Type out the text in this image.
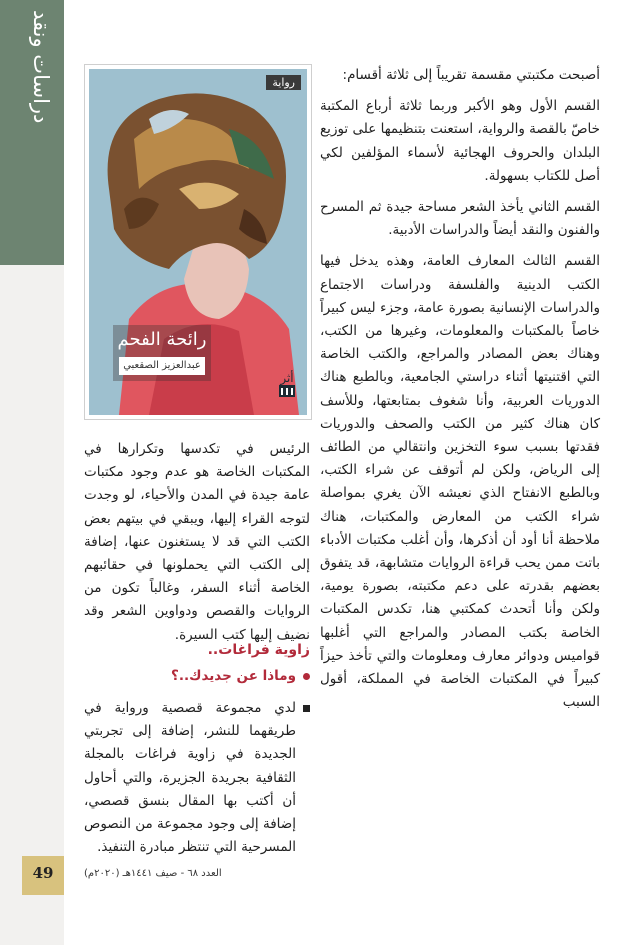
دراسات ونقد
49
رواية
رائحة الفحم
عبدالعزيز الصقعبي
أثر

أصبحت مكتبتي مقسمة تقريباً إلى ثلاثة أقسام:

القسم الأول وهو الأكبر وربما ثلاثة أرباع المكتبة خاصّ بالقصة والرواية، استعنت بتنظيمها على توزيع البلدان والحروف الهجائية لأسماء المؤلفين لكي أصل للكتاب بسهولة.

القسم الثاني يأخذ الشعر مساحة جيدة ثم المسرح والفنون والنقد أيضاً والدراسات الأدبية.

القسم الثالث المعارف العامة، وهذه يدخل فيها الكتب الدينية والفلسفة ودراسات الاجتماع والدراسات الإنسانية بصورة عامة، وجزء ليس كبيراً خاصاً بالمكتبات والمعلومات، وغيرها من الكتب، وهناك بعض المصادر والمراجع، والكتب الخاصة التي اقتنيتها أثناء دراستي الجامعية، وبالطبع هناك الدوريات العربية، وأنا شغوف بمتابعتها، وللأسف كان هناك كثير من الكتب والصحف والدوريات فقدتها بسبب سوء التخزين وانتقالي من الطائف إلى الرياض، ولكن لم أتوقف عن شراء الكتب، وبالطبع الانفتاح الذي نعيشه الآن يغري بمواصلة شراء الكتب من المعارض والمكتبات، هناك ملاحظة أنا أود أن أذكرها، وأن أغلب مكتبات الأدباء باتت ممن يحب قراءة الروايات متشابهة، قد يتفوق بعضهم بقدرته على دعم مكتبته، بصورة يومية، ولكن وأنا أتحدث كمكتبي هنا، تكدس المكتبات الخاصة بكتب المصادر والمراجع التي أغلبها قواميس ودوائر معارف ومعلومات والتي تأخذ حيزاً كبيراً في المكتبات الخاصة في المملكة، أقول السبب

الرئيس في تكدسها وتكرارها في المكتبات الخاصة هو عدم وجود مكتبات عامة جيدة في المدن والأحياء، لو وجدت لتوجه القراء إليها، ويبقي في بيتهم بعض الكتب التي قد لا يستغنون عنها، إضافة إلى الكتب التي يحملونها في حقائبهم الخاصة أثناء السفر، وغالباً تكون من الروايات والقصص ودواوين الشعر وقد نضيف إليها كتب السيرة.

زاوية فراغات..
وماذا عن جديدك..؟
لدي مجموعة قصصية ورواية في طريقهما للنشر، إضافة إلى تجربتي الجديدة في زاوية فراغات بالمجلة الثقافية بجريدة الجزيرة، والتي أحاول أن أكتب بها المقال بنسق قصصي، إضافة إلى وجود مجموعة من النصوص المسرحية التي تنتظر مبادرة التنفيذ.
العدد ٦٨ - صيف ١٤٤١هـ (٢٠٢٠م)
